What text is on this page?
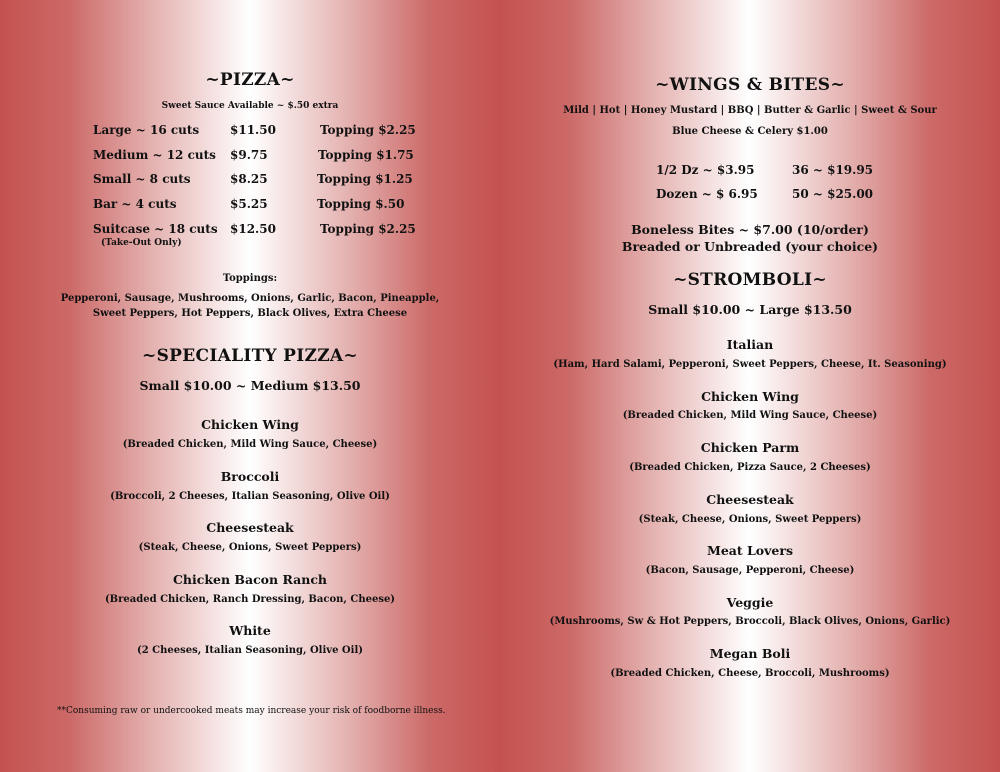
~PIZZA~
Sweet Sauce Available ~ $.50 extra
Large ~ 16 cuts	$11.50	Topping $2.25
Medium ~ 12 cuts $9.75	Topping $1.75
Small ~ 8 cuts	$8.25	Topping $1.25
Bar ~ 4 cuts	$5.25	Topping $.50
Suitcase ~ 18 cuts $12.50	Topping $2.25
(Take-Out Only)
Toppings:
Pepperoni, Sausage, Mushrooms, Onions, Garlic, Bacon, Pineapple,
Sweet Peppers, Hot Peppers, Black Olives, Extra Cheese
~SPECIALITY PIZZA~
Small $10.00 ~ Medium $13.50
Chicken Wing
(Breaded Chicken, Mild Wing Sauce, Cheese)
Broccoli
(Broccoli, 2 Cheeses, Italian Seasoning, Olive Oil)
Cheesesteak
(Steak, Cheese, Onions, Sweet Peppers)
Chicken Bacon Ranch
(Breaded Chicken, Ranch Dressing, Bacon, Cheese)
White
(2 Cheeses, Italian Seasoning, Olive Oil)
**Consuming raw or undercooked meats may increase your risk of foodborne illness.
~WINGS & BITES~
Mild | Hot | Honey Mustard | BBQ | Butter & Garlic | Sweet & Sour
Blue Cheese & Celery $1.00
1/2 Dz ~ $3.95	36 ~ $19.95
Dozen ~ $ 6.95	50 ~ $25.00
Boneless Bites ~ $7.00 (10/order)
Breaded or Unbreaded (your choice)
~STROMBOLI~
Small $10.00 ~ Large $13.50
Italian
(Ham, Hard Salami, Pepperoni, Sweet Peppers, Cheese, It. Seasoning)
Chicken Wing
(Breaded Chicken, Mild Wing Sauce, Cheese)
Chicken Parm
(Breaded Chicken, Pizza Sauce, 2 Cheeses)
Cheesesteak
(Steak, Cheese, Onions, Sweet Peppers)
Meat Lovers
(Bacon, Sausage, Pepperoni, Cheese)
Veggie
(Mushrooms, Sw & Hot Peppers, Broccoli, Black Olives, Onions, Garlic)
Megan Boli
(Breaded Chicken, Cheese, Broccoli, Mushrooms)
